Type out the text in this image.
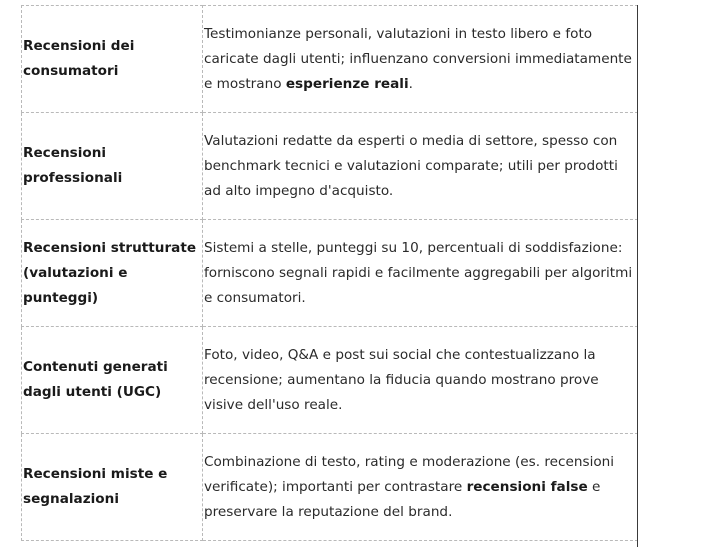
Recensioni dei consumatori	Testimonianze personali, valutazioni in testo libero e foto caricate dagli utenti; influenzano conversioni immediatamente e mostrano esperienze reali.
Recensioni professionali	Valutazioni redatte da esperti o media di settore, spesso con benchmark tecnici e valutazioni comparate; utili per prodotti ad alto impegno d'acquisto.
Recensioni strutturate (valutazioni e punteggi)	Sistemi a stelle, punteggi su 10, percentuali di soddisfazione: forniscono segnali rapidi e facilmente aggregabili per algoritmi e consumatori.
Contenuti generati dagli utenti (UGC)	Foto, video, Q&A e post sui social che contestualizzano la recensione; aumentano la fiducia quando mostrano prove visive dell'uso reale.
Recensioni miste e segnalazioni	Combinazione di testo, rating e moderazione (es. recensioni verificate); importanti per contrastare recensioni false e preservare la reputazione del brand.
